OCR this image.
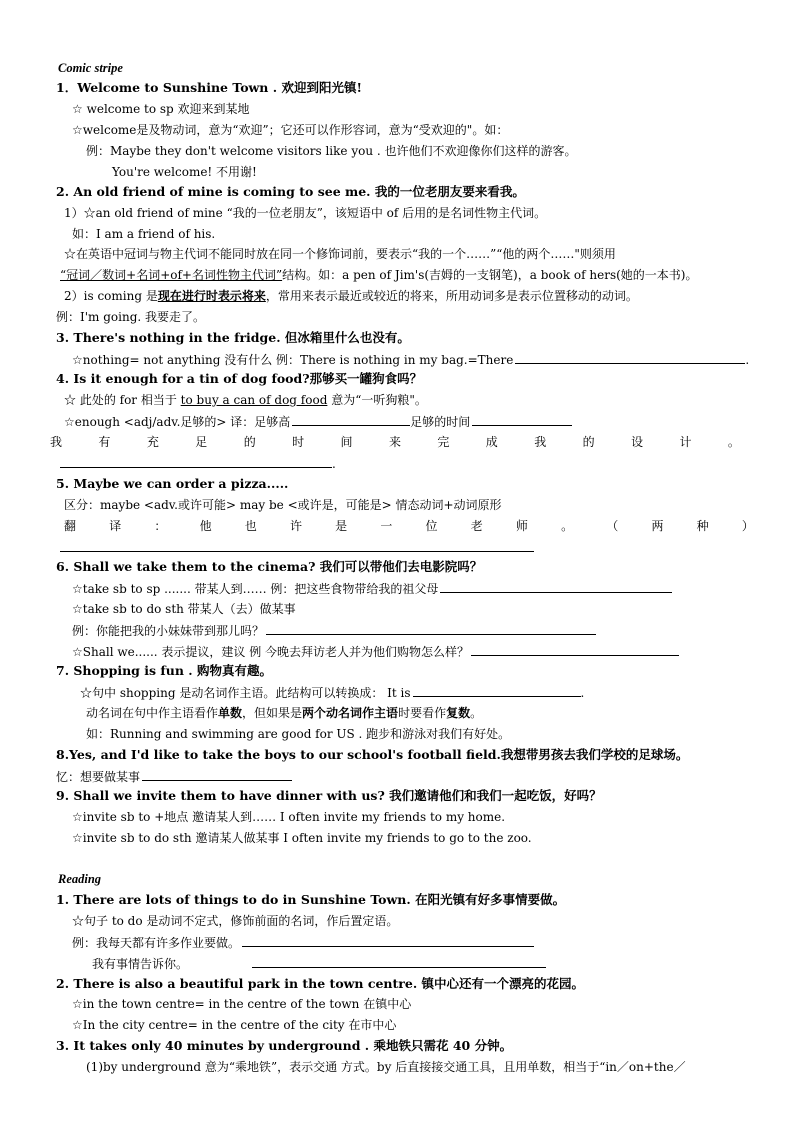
Comic stripe
1．Welcome to Sunshine Town . 欢迎到阳光镇!
☆ welcome to sp 欢迎来到某地
☆welcome是及物动词，意为“欢迎”；它还可以作形容词，意为“受欢迎的"。如：
例：Maybe they don't welcome visitors like you . 也许他们不欢迎像你们这样的游客。
You're welcome! 不用谢!
2. An old friend of mine is coming to see me. 我的一位老朋友要来看我。
1）☆an old friend of mine “我的一位老朋友”，该短语中 of 后用的是名词性物主代词。
如：I am a friend of his.
☆在英语中冠词与物主代词不能同时放在同一个修饰词前，要表示“我的一个……”“他的两个……"则须用
“冠词／数词+名词+of+名词性物主代词”结构。如：a pen of Jim's(吉姆的一支钢笔)，a book of hers(她的一本书)。
2）is coming 是现在进行时表示将来，常用来表示最近或较近的将来，所用动词多是表示位置移动的动词。
例：I'm going. 我要走了。
3. There's nothing in the fridge. 但冰箱里什么也没有。
☆nothing= not anything 没有什么 例：There is nothing in my bag.=There	.
4. Is it enough for a tin of dog food?那够买一罐狗食吗？
☆ 此处的 for 相当于 to buy a can of dog food 意为“一听狗粮"。
☆enough <adj/adv.足够的> 译：足够高	足够的时间
我	有	充	足	的	时	间	来	完	成	我	的	设	计	。
.
5. Maybe we can order a pizza.....
区分：maybe <adv.或许可能> may be <或许是，可能是> 情态动词+动词原形
翻	译	：	他	也	许	是	一	位	老	师	。	（	两	种	）
6. Shall we take them to the cinema? 我们可以带他们去电影院吗？
☆take sb to sp ....... 带某人到…… 例：把这些食物带给我的祖父母
☆take sb to do sth 带某人（去）做某事
例：你能把我的小妹妹带到那儿吗？
☆Shall we...... 表示提议，建议 例 今晚去拜访老人并为他们购物怎么样？
7. Shopping is fun . 购物真有趣。
☆句中 shopping 是动名词作主语。此结构可以转换成： It is	.
动名词在句中作主语看作单数，但如果是两个动名词作主语时要看作复数。
如：Running and swimming are good for US . 跑步和游泳对我们有好处。
8.Yes, and I'd like to take the boys to our school's football field.我想带男孩去我们学校的足球场。
忆：想要做某事
9. Shall we invite them to have dinner with us? 我们邀请他们和我们一起吃饭，好吗？
☆invite sb to +地点 邀请某人到…… I often invite my friends to my home.
☆invite sb to do sth 邀请某人做某事 I often invite my friends to go to the zoo.
Reading
1. There are lots of things to do in Sunshine Town. 在阳光镇有好多事情要做。
☆句子 to do 是动词不定式，修饰前面的名词，作后置定语。
例：我每天都有许多作业要做。
我有事情告诉你。
2. There is also a beautiful park in the town centre. 镇中心还有一个漂亮的花园。
☆in the town centre= in the centre of the town 在镇中心
☆In the city centre= in the centre of the city 在市中心
3. It takes only 40 minutes by underground . 乘地铁只需花 40 分钟。
(1)by underground 意为“乘地铁”，表示交通 方式。by 后直接接交通工具，且用单数，相当于“in／on+the／
